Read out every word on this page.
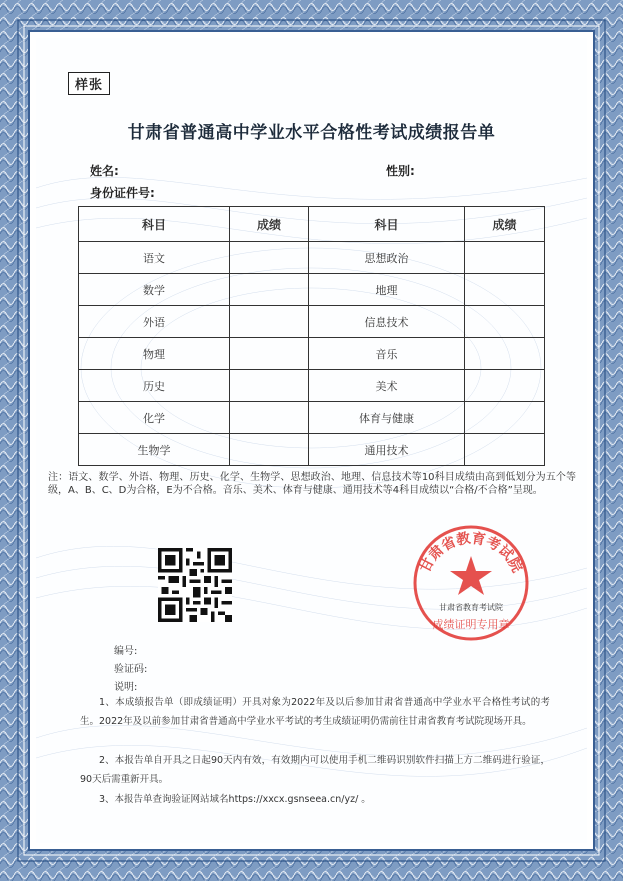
样张
甘肃省普通高中学业水平合格性考试成绩报告单
姓名:	性别:
身份证件号:
科目	成绩	科目	成绩
语文		思想政治	
数学		地理	
外语		信息技术	
物理		音乐	
历史		美术	
化学		体育与健康	
生物学		通用技术	
注：语文、数学、外语、物理、历史、化学、生物学、思想政治、地理、信息技术等10科目成绩由高到低划分为五个等级，A、B、C、D为合格，E为不合格。音乐、美术、体育与健康、通用技术等4科目成绩以“合格/不合格”呈现。
甘肃省教育考试院
甘肃省教育考试院
成绩证明专用章
编号:
验证码:
说明:
1、本成绩报告单（即成绩证明）开具对象为2022年及以后参加甘肃省普通高中学业水平合格性考试的考生。2022年及以前参加甘肃省普通高中学业水平考试的考生成绩证明仍需前往甘肃省教育考试院现场开具。
2、本报告单自开具之日起90天内有效，有效期内可以使用手机二维码识别软件扫描上方二维码进行验证，90天后需重新开具。
3、本报告单查询验证网站域名https://xxcx.gsnseea.cn/yz/ 。
